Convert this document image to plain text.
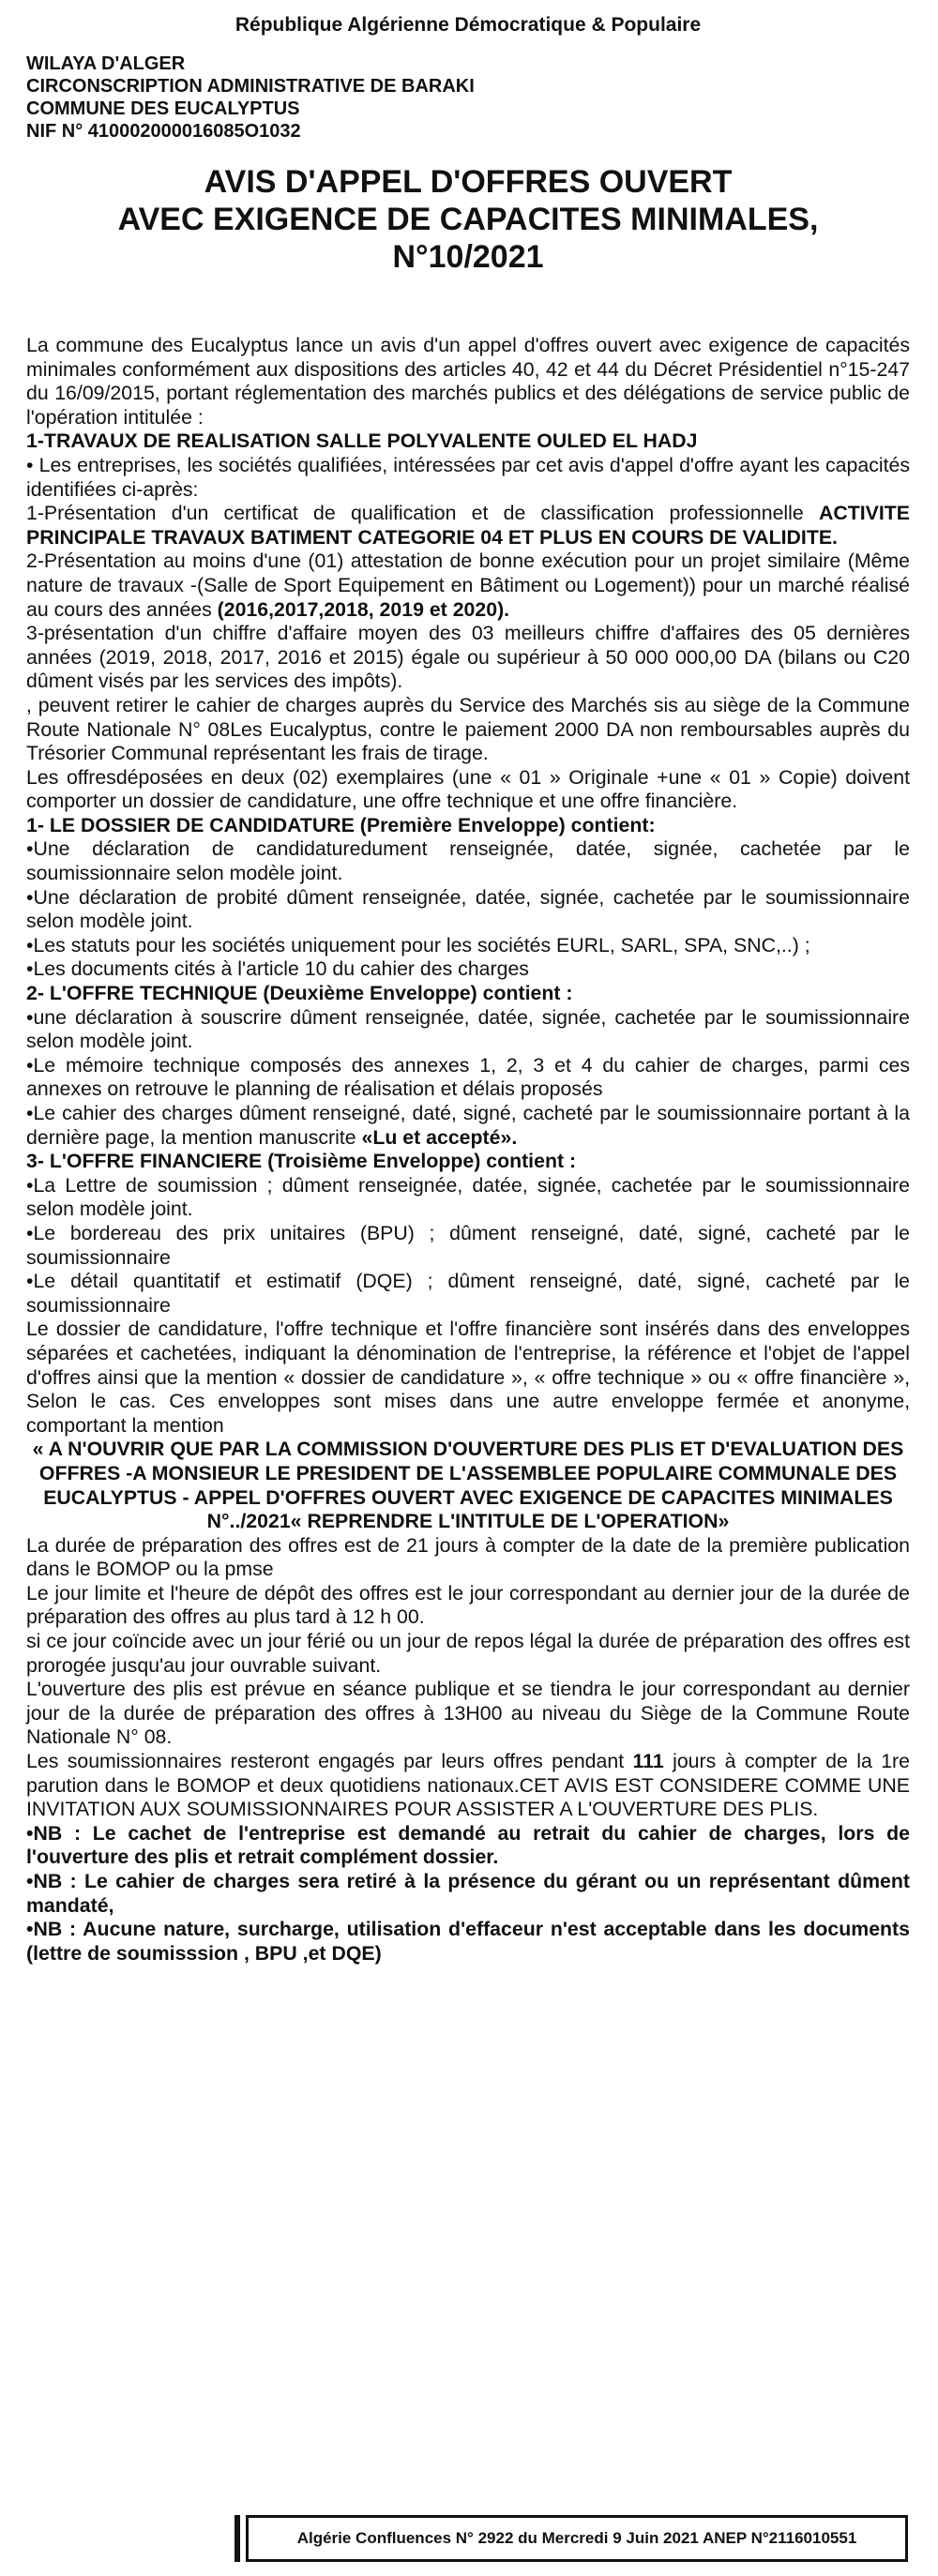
République Algérienne Démocratique & Populaire
WILAYA D'ALGER
CIRCONSCRIPTION ADMINISTRATIVE DE BARAKI
COMMUNE DES EUCALYPTUS
NIF N° 410002000016085O1032
AVIS D'APPEL D'OFFRES OUVERT
AVEC EXIGENCE DE CAPACITES MINIMALES,
N°10/2021

La commune des Eucalyptus lance un avis d'un appel d'offres ouvert avec exigence de capacités minimales conformément aux dispositions des articles 40, 42 et 44 du Décret Présidentiel n°15-247 du 16/09/2015, portant réglementation des marchés publics et des délégations de service public de l'opération intitulée :

1-TRAVAUX DE REALISATION SALLE POLYVALENTE OULED EL HADJ

• Les entreprises, les sociétés qualifiées, intéressées par cet avis d'appel d'offre ayant les capacités identifiées ci-après:

1-Présentation d'un certificat de qualification et de classification professionnelle ACTIVITE PRINCIPALE TRAVAUX BATIMENT CATEGORIE 04 ET PLUS EN COURS DE VALIDITE.

2-Présentation au moins d'une (01) attestation de bonne exécution pour un projet similaire (Même nature de travaux -(Salle de Sport Equipement en Bâtiment ou Logement)) pour un marché réalisé au cours des années (2016,2017,2018, 2019 et 2020).

3-présentation d'un chiffre d'affaire moyen des 03 meilleurs chiffre d'affaires des 05 dernières années (2019, 2018, 2017, 2016 et 2015) égale ou supérieur à 50 000 000,00 DA (bilans ou C20 dûment visés par les services des impôts).

, peuvent retirer le cahier de charges auprès du Service des Marchés sis au siège de la Commune Route Nationale N° 08Les Eucalyptus, contre le paiement 2000 DA non remboursables auprès du Trésorier Communal représentant les frais de tirage.

Les offresdéposées en deux (02) exemplaires (une « 01 » Originale +une « 01 » Copie) doivent comporter un dossier de candidature, une offre technique et une offre financière.

1- LE DOSSIER DE CANDIDATURE (Première Enveloppe) contient:

•Une déclaration de candidaturedument renseignée, datée, signée, cachetée par le soumissionnaire selon modèle joint.

•Une déclaration de probité dûment renseignée, datée, signée, cachetée par le soumissionnaire selon modèle joint.

•Les statuts pour les sociétés uniquement pour les sociétés EURL, SARL, SPA, SNC,..) ;

•Les documents cités à l'article 10 du cahier des charges

2- L'OFFRE TECHNIQUE (Deuxième Enveloppe) contient :

•une déclaration à souscrire dûment renseignée, datée, signée, cachetée par le soumissionnaire selon modèle joint.

•Le mémoire technique composés des annexes 1, 2, 3 et 4 du cahier de charges, parmi ces annexes on retrouve le planning de réalisation et délais proposés

•Le cahier des charges dûment renseigné, daté, signé, cacheté par le soumissionnaire portant à la dernière page, la mention manuscrite «Lu et accepté».

3- L'OFFRE FINANCIERE (Troisième Enveloppe) contient :

•La Lettre de soumission ; dûment renseignée, datée, signée, cachetée par le soumissionnaire selon modèle joint.

•Le bordereau des prix unitaires (BPU) ; dûment renseigné, daté, signé, cacheté par le soumissionnaire

•Le détail quantitatif et estimatif (DQE) ; dûment renseigné, daté, signé, cacheté par le soumissionnaire

Le dossier de candidature, l'offre technique et l'offre financière sont insérés dans des enveloppes séparées et cachetées, indiquant la dénomination de l'entreprise, la référence et l'objet de l'appel d'offres ainsi que la mention « dossier de candidature », « offre technique » ou « offre financière », Selon le cas. Ces enveloppes sont mises dans une autre enveloppe fermée et anonyme, comportant la mention

« A N'OUVRIR QUE PAR LA COMMISSION D'OUVERTURE DES PLIS ET D'EVALUATION DES OFFRES -A MONSIEUR LE PRESIDENT DE L'ASSEMBLEE POPULAIRE COMMUNALE DES EUCALYPTUS - APPEL D'OFFRES OUVERT AVEC EXIGENCE DE CAPACITES MINIMALES N°../2021« REPRENDRE L'INTITULE DE L'OPERATION»

La durée de préparation des offres est de 21 jours à compter de la date de la première publication dans le BOMOP ou la pmse

Le jour limite et l'heure de dépôt des offres est le jour correspondant au dernier jour de la durée de préparation des offres au plus tard à 12 h 00.

si ce jour coïncide avec un jour férié ou un jour de repos légal la durée de préparation des offres est prorogée jusqu'au jour ouvrable suivant.

L'ouverture des plis est prévue en séance publique et se tiendra le jour correspondant au dernier jour de la durée de préparation des offres à 13H00 au niveau du Siège de la Commune Route Nationale N° 08.

Les soumissionnaires resteront engagés par leurs offres pendant 111 jours à compter de la 1re parution dans le BOMOP et deux quotidiens nationaux.CET AVIS EST CONSIDERE COMME UNE INVITATION AUX SOUMISSIONNAIRES POUR ASSISTER A L'OUVERTURE DES PLIS.

•NB : Le cachet de l'entreprise est demandé au retrait du cahier de charges, lors de l'ouverture des plis et retrait complément dossier.

•NB : Le cahier de charges sera retiré à la présence du gérant ou un représentant dûment mandaté,

•NB : Aucune nature, surcharge, utilisation d'effaceur n'est acceptable dans les documents (lettre de soumisssion , BPU ,et DQE)

Algérie Confluences N° 2922 du Mercredi 9 Juin 2021 ANEP N°2116010551
